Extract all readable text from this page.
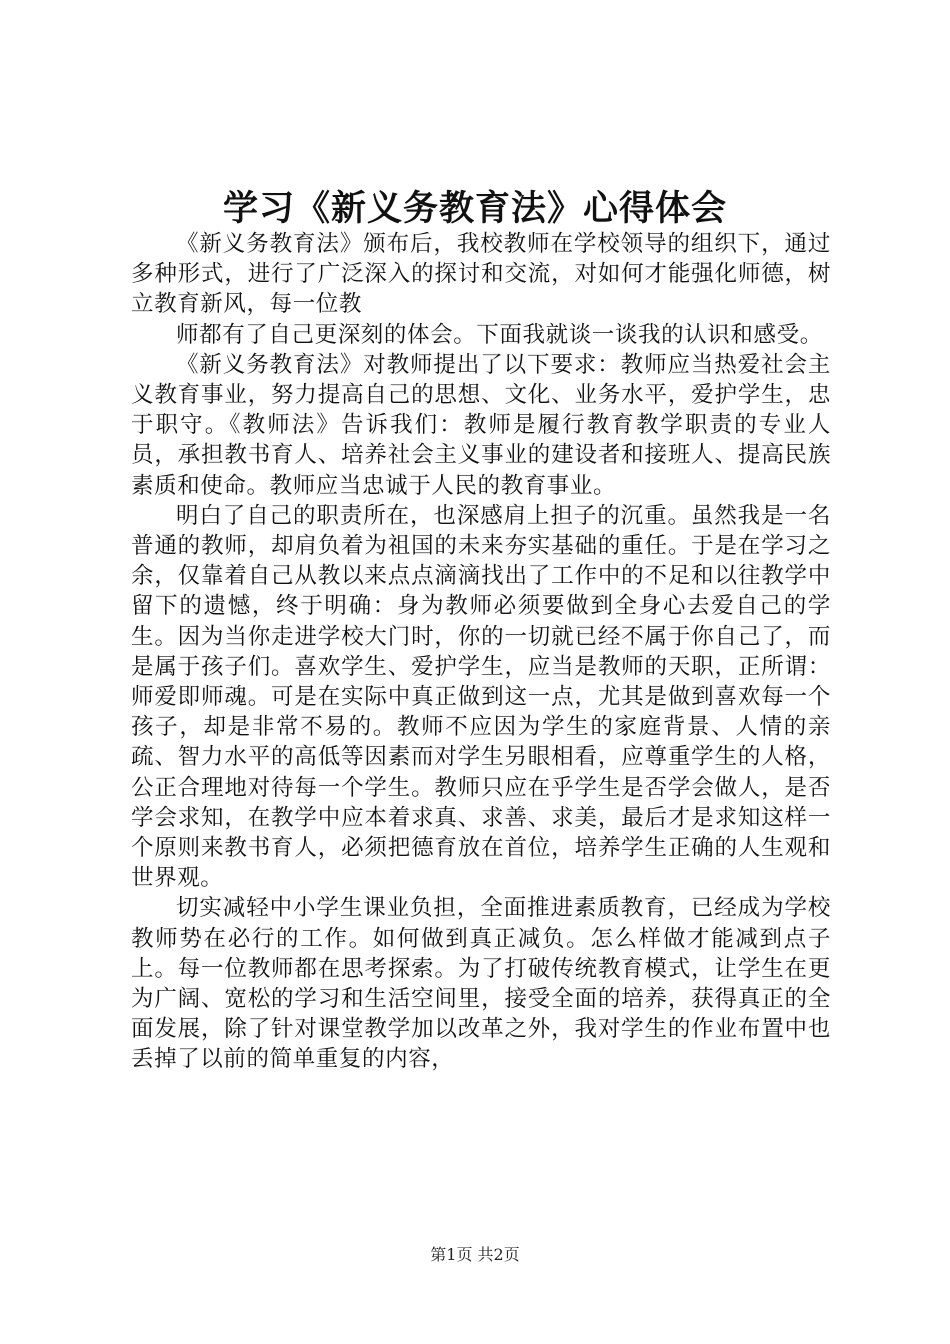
学习《新义务教育法》心得体会

《新义务教育法》颁布后，我校教师在学校领导的组织下，通过多种形式，进行了广泛深入的探讨和交流，对如何才能强化师德，树立教育新风，每一位教

师都有了自己更深刻的体会。下面我就谈一谈我的认识和感受。

《新义务教育法》对教师提出了以下要求：教师应当热爱社会主义教育事业，努力提高自己的思想、文化、业务水平，爱护学生，忠于职守。《教师法》告诉我们：教师是履行教育教学职责的专业人员，承担教书育人、培养社会主义事业的建设者和接班人、提高民族素质和使命。教师应当忠诚于人民的教育事业。

明白了自己的职责所在，也深感肩上担子的沉重。虽然我是一名普通的教师，却肩负着为祖国的未来夯实基础的重任。于是在学习之余，仅靠着自己从教以来点点滴滴找出了工作中的不足和以往教学中留下的遗憾，终于明确：身为教师必须要做到全身心去爱自己的学生。因为当你走进学校大门时，你的一切就已经不属于你自己了，而是属于孩子们。喜欢学生、爱护学生，应当是教师的天职，正所谓：师爱即师魂。可是在实际中真正做到这一点，尤其是做到喜欢每一个孩子，却是非常不易的。教师不应因为学生的家庭背景、人情的亲疏、智力水平的高低等因素而对学生另眼相看，应尊重学生的人格，公正合理地对待每一个学生。教师只应在乎学生是否学会做人，是否学会求知，在教学中应本着求真、求善、求美，最后才是求知这样一个原则来教书育人，必须把德育放在首位，培养学生正确的人生观和世界观。

切实减轻中小学生课业负担，全面推进素质教育，已经成为学校教师势在必行的工作。如何做到真正减负。怎么样做才能减到点子上。每一位教师都在思考探索。为了打破传统教育模式，让学生在更为广阔、宽松的学习和生活空间里，接受全面的培养，获得真正的全面发展，除了针对课堂教学加以改革之外，我对学生的作业布置中也丢掉了以前的简单重复的内容，

第1页 共2页
